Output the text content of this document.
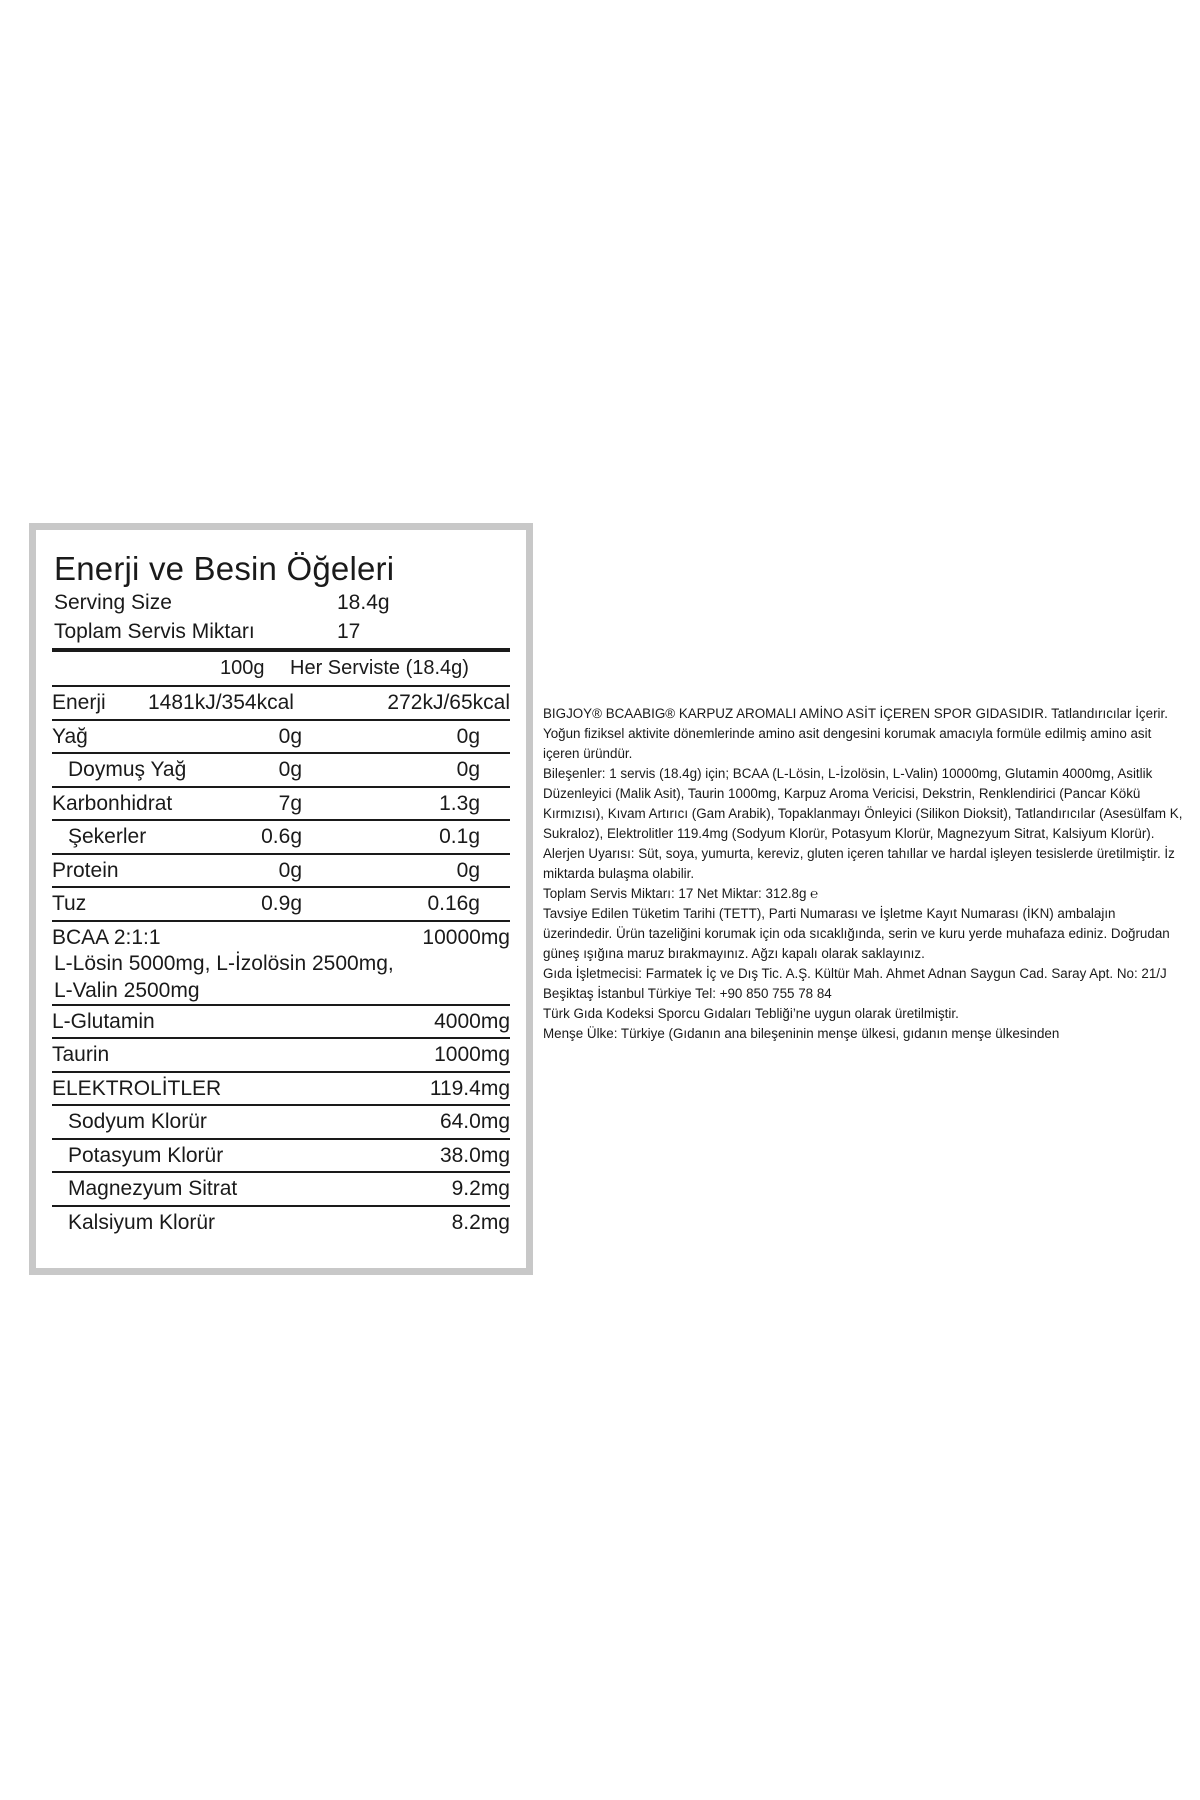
Enerji ve Besin Öğeleri
Serving Size	18.4g
Toplam Servis Miktarı	17
100g Her Serviste (18.4g)
Enerji 1481kJ/354kcal	272kJ/65kcal
Yağ	0g	0g
Doymuş Yağ	0g	0g
Karbonhidrat	7g	1.3g
Şekerler	0.6g	0.1g
Protein	0g	0g
Tuz	0.9g	0.16g
BCAA 2:1:1	10000mg
L-Lösin 5000mg, L-İzolösin 2500mg, L-Valin 2500mg
L-Glutamin	4000mg
Taurin	1000mg
ELEKTROLİTLER	119.4mg
Sodyum Klorür	64.0mg
Potasyum Klorür	38.0mg
Magnezyum Sitrat	9.2mg
Kalsiyum Klorür	8.2mg

BIGJOY® BCAABIG® KARPUZ AROMALI AMİNO ASİT İÇEREN SPOR GIDASIDIR. Tatlandırıcılar İçerir. Yoğun fiziksel aktivite dönemlerinde amino asit dengesini korumak amacıyla formüle edilmiş amino asit içeren üründür.

Bileşenler: 1 servis (18.4g) için; BCAA (L-Lösin, L-İzolösin, L-Valin) 10000mg, Glutamin 4000mg, Asitlik Düzenleyici (Malik Asit), Taurin 1000mg, Karpuz Aroma Vericisi, Dekstrin, Renklendirici (Pancar Kökü Kırmızısı), Kıvam Artırıcı (Gam Arabik), Topaklanmayı Önleyici (Silikon Dioksit), Tatlandırıcılar (Asesülfam K, Sukraloz), Elektrolitler 119.4mg (Sodyum Klorür, Potasyum Klorür, Magnezyum Sitrat, Kalsiyum Klorür).

Alerjen Uyarısı: Süt, soya, yumurta, kereviz, gluten içeren tahıllar ve hardal işleyen tesislerde üretilmiştir. İz miktarda bulaşma olabilir.

Toplam Servis Miktarı: 17 Net Miktar: 312.8g ℮

Tavsiye Edilen Tüketim Tarihi (TETT), Parti Numarası ve İşletme Kayıt Numarası (İKN) ambalajın üzerindedir. Ürün tazeliğini korumak için oda sıcaklığında, serin ve kuru yerde muhafaza ediniz. Doğrudan güneş ışığına maruz bırakmayınız. Ağzı kapalı olarak saklayınız.

Gıda İşletmecisi: Farmatek İç ve Dış Tic. A.Ş. Kültür Mah. Ahmet Adnan Saygun Cad. Saray Apt. No: 21/J Beşiktaş İstanbul Türkiye Tel: +90 850 755 78 84

Türk Gıda Kodeksi Sporcu Gıdaları Tebliği’ne uygun olarak üretilmiştir.

Menşe Ülke: Türkiye (Gıdanın ana bileşeninin menşe ülkesi, gıdanın menşe ülkesinden
